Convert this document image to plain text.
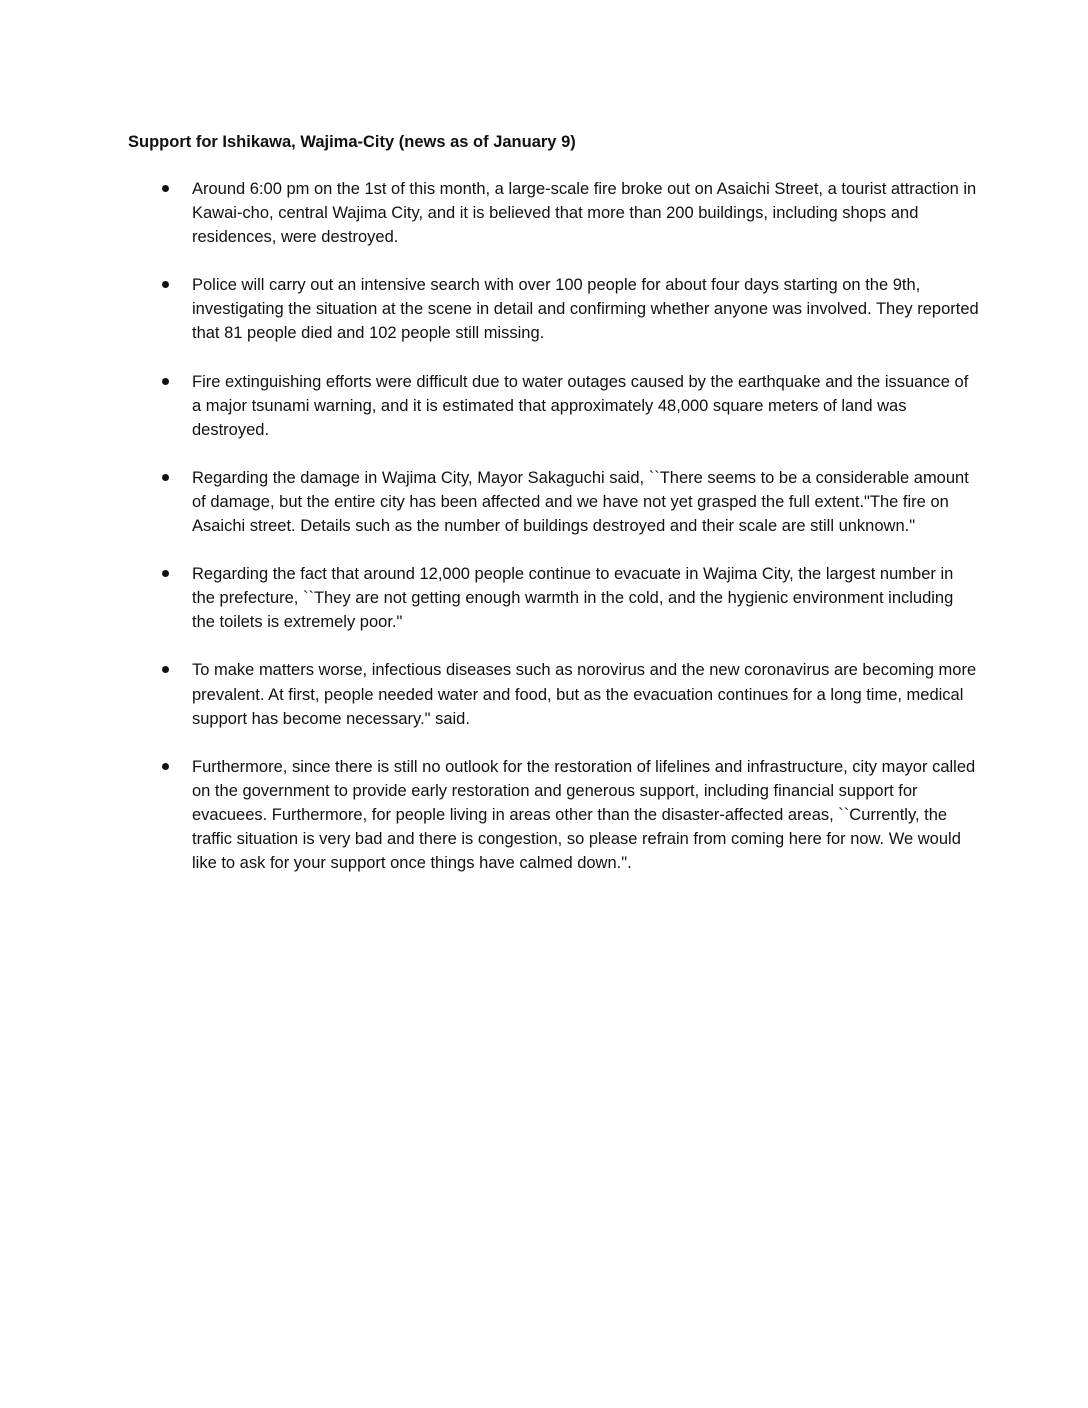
Support for Ishikawa, Wajima-City (news as of January 9)
Around 6:00 pm on the 1st of this month, a large-scale fire broke out on Asaichi Street, a tourist attraction in Kawai-cho, central Wajima City, and it is believed that more than 200 buildings, including shops and residences, were destroyed.
Police will carry out an intensive search with over 100 people for about four days starting on the 9th, investigating the situation at the scene in detail and confirming whether anyone was involved. They reported that 81 people died and 102 people still missing.
Fire extinguishing efforts were difficult due to water outages caused by the earthquake and the issuance of a major tsunami warning, and it is estimated that approximately 48,000 square meters of land was destroyed.
Regarding the damage in Wajima City, Mayor Sakaguchi said, ``There seems to be a considerable amount of damage, but the entire city has been affected and we have not yet grasped the full extent."The fire on Asaichi street. Details such as the number of buildings destroyed and their scale are still unknown."
Regarding the fact that around 12,000 people continue to evacuate in Wajima City, the largest number in the prefecture, ``They are not getting enough warmth in the cold, and the hygienic environment including the toilets is extremely poor."
To make matters worse, infectious diseases such as norovirus and the new coronavirus are becoming more prevalent. At first, people needed water and food, but as the evacuation continues for a long time, medical support has become necessary." said.
Furthermore, since there is still no outlook for the restoration of lifelines and infrastructure, city mayor called on the government to provide early restoration and generous support, including financial support for evacuees. Furthermore, for people living in areas other than the disaster-affected areas, ``Currently, the traffic situation is very bad and there is congestion, so please refrain from coming here for now. We would like to ask for your support once things have calmed down.".
